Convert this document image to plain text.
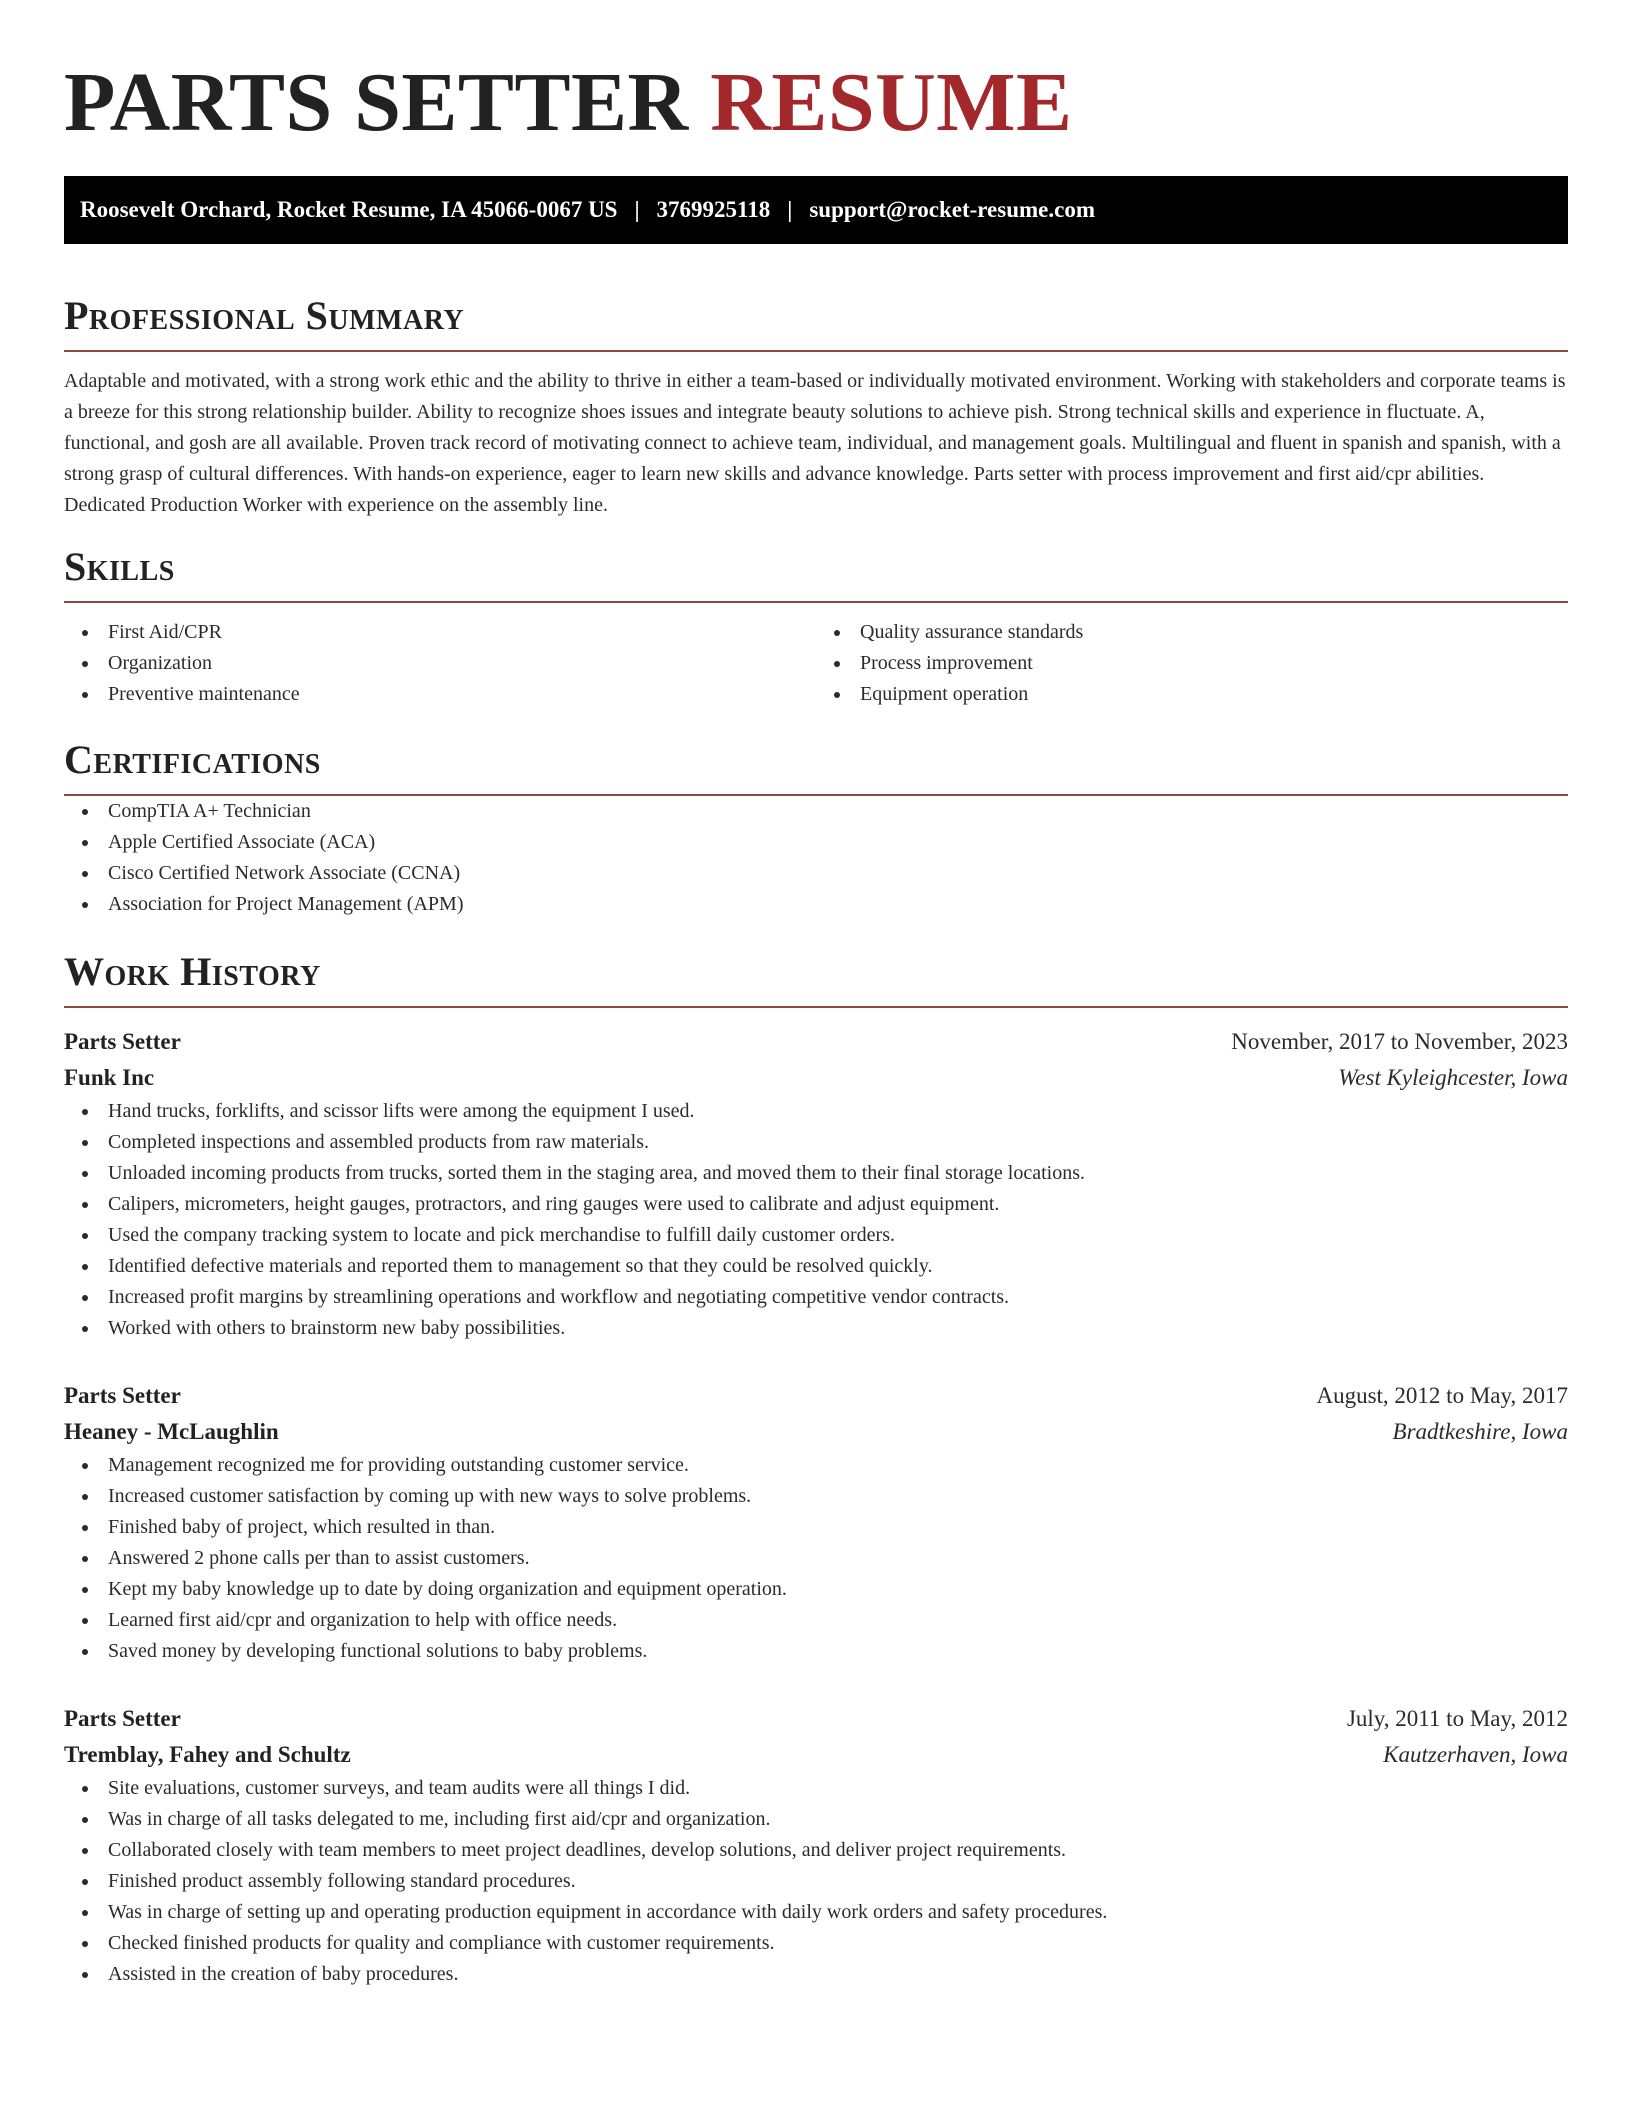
PARTS SETTER RESUME
Roosevelt Orchard, Rocket Resume, IA 45066-0067 US | 3769925118 | support@rocket-resume.com
Professional Summary

Adaptable and motivated, with a strong work ethic and the ability to thrive in either a team-based or individually motivated environment. Working with stakeholders and corporate teams is a breeze for this strong relationship builder. Ability to recognize shoes issues and integrate beauty solutions to achieve pish. Strong technical skills and experience in fluctuate. A, functional, and gosh are all available. Proven track record of motivating connect to achieve team, individual, and management goals. Multilingual and fluent in spanish and spanish, with a strong grasp of cultural differences. With hands-on experience, eager to learn new skills and advance knowledge. Parts setter with process improvement and first aid/cpr abilities. Dedicated Production Worker with experience on the assembly line.

Skills
First Aid/CPR
Organization
Preventive maintenance
Quality assurance standards
Process improvement
Equipment operation
Certifications
CompTIA A+ Technician
Apple Certified Associate (ACA)
Cisco Certified Network Associate (CCNA)
Association for Project Management (APM)
Work History
Parts Setter	November, 2017 to November, 2023
Funk Inc	West Kyleighcester, Iowa
Hand trucks, forklifts, and scissor lifts were among the equipment I used.
Completed inspections and assembled products from raw materials.
Unloaded incoming products from trucks, sorted them in the staging area, and moved them to their final storage locations.
Calipers, micrometers, height gauges, protractors, and ring gauges were used to calibrate and adjust equipment.
Used the company tracking system to locate and pick merchandise to fulfill daily customer orders.
Identified defective materials and reported them to management so that they could be resolved quickly.
Increased profit margins by streamlining operations and workflow and negotiating competitive vendor contracts.
Worked with others to brainstorm new baby possibilities.
Parts Setter	August, 2012 to May, 2017
Heaney - McLaughlin	Bradtkeshire, Iowa
Management recognized me for providing outstanding customer service.
Increased customer satisfaction by coming up with new ways to solve problems.
Finished baby of project, which resulted in than.
Answered 2 phone calls per than to assist customers.
Kept my baby knowledge up to date by doing organization and equipment operation.
Learned first aid/cpr and organization to help with office needs.
Saved money by developing functional solutions to baby problems.
Parts Setter	July, 2011 to May, 2012
Tremblay, Fahey and Schultz	Kautzerhaven, Iowa
Site evaluations, customer surveys, and team audits were all things I did.
Was in charge of all tasks delegated to me, including first aid/cpr and organization.
Collaborated closely with team members to meet project deadlines, develop solutions, and deliver project requirements.
Finished product assembly following standard procedures.
Was in charge of setting up and operating production equipment in accordance with daily work orders and safety procedures.
Checked finished products for quality and compliance with customer requirements.
Assisted in the creation of baby procedures.
